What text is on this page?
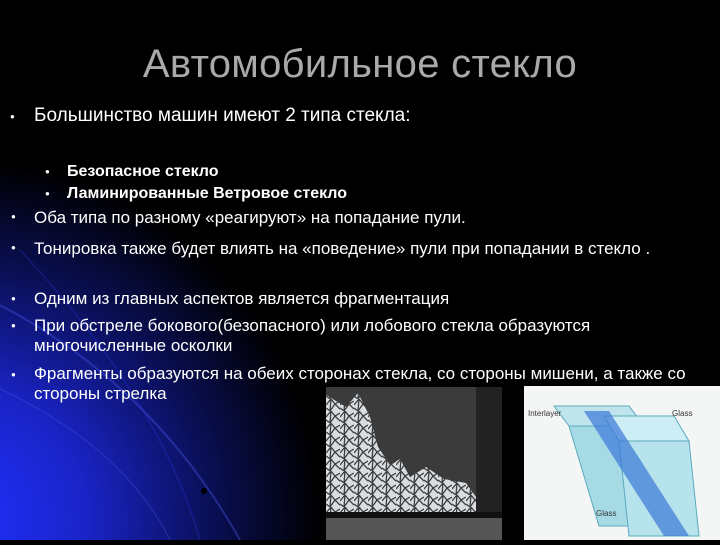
Автомобильное стекло
● Большинство машин имеют 2 типа стекла:
● Безопасное стекло
● Ламинированные Ветровое стекло
● Оба типа по разному «реагируют» на попадание пули.
● Тонировка также будет влиять на «поведение» пули при попадании в стекло .
● Одним из главных аспектов является фрагментация
● При обстреле бокового(безопасного) или лобового стекла образуются многочисленные осколки
● Фрагменты образуются на обеих сторонах стекла, со стороны мишени, а также со стороны стрелка
Interlayer	Glass
Glass
